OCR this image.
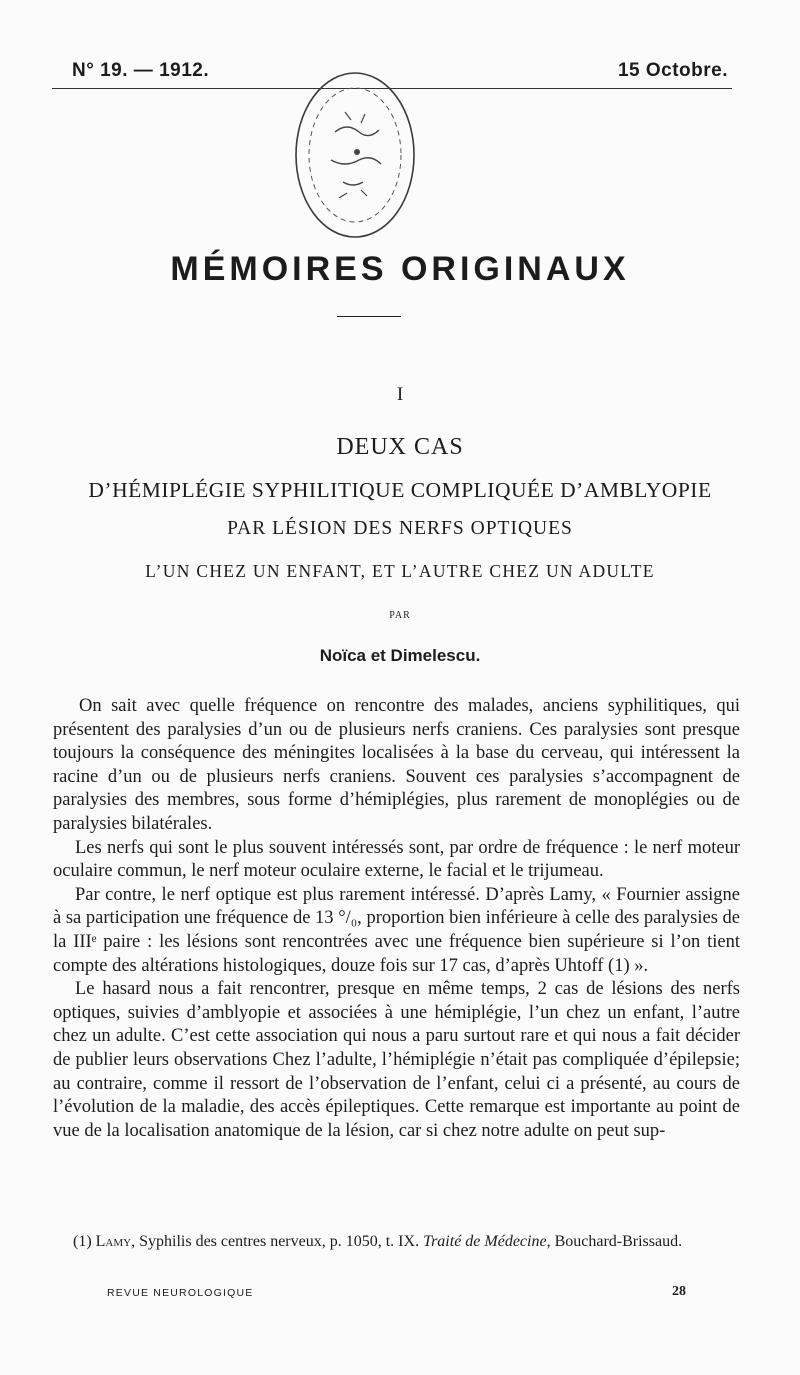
N° 19. — 1912.	15 Octobre.
MÉMOIRES ORIGINAUX
I
DEUX CAS
D’HÉMIPLÉGIE SYPHILITIQUE COMPLIQUÉE D’AMBLYOPIE
PAR LÉSION DES NERFS OPTIQUES
L’UN CHEZ UN ENFANT, ET L’AUTRE CHEZ UN ADULTE
PAR
Noïca et Dimelescu.

On sait avec quelle fréquence on rencontre des malades, anciens syphilitiques, qui présentent des paralysies d’un ou de plusieurs nerfs craniens. Ces paralysies sont presque toujours la conséquence des méningites localisées à la base du cerveau, qui intéressent la racine d’un ou de plusieurs nerfs craniens. Souvent ces paralysies s’accompagnent de paralysies des membres, sous forme d’hémiplégies, plus rarement de monoplégies ou de paralysies bilatérales.

Les nerfs qui sont le plus souvent intéressés sont, par ordre de fréquence : le nerf moteur oculaire commun, le nerf moteur oculaire externe, le facial et le trijumeau.

Par contre, le nerf optique est plus rarement intéressé. D’après Lamy, « Fournier assigne à sa participation une fréquence de 13 °/₀, proportion bien inférieure à celle des paralysies de la IIIᵉ paire : les lésions sont rencontrées avec une fréquence bien supérieure si l’on tient compte des altérations histologiques, douze fois sur 17 cas, d’après Uhtoff (1) ».

Le hasard nous a fait rencontrer, presque en même temps, 2 cas de lésions des nerfs optiques, suivies d’amblyopie et associées à une hémiplégie, l’un chez un enfant, l’autre chez un adulte. C’est cette association qui nous a paru surtout rare et qui nous a fait décider de publier leurs observations Chez l’adulte, l’hémiplégie n’était pas compliquée d’épilepsie; au contraire, comme il ressort de l’observation de l’enfant, celui ci a présenté, au cours de l’évolution de la maladie, des accès épileptiques. Cette remarque est importante au point de vue de la localisation anatomique de la lésion, car si chez notre adulte on peut sup-

(1) Lamy, Syphilis des centres nerveux, p. 1050, t. IX. Traité de Médecine, Bouchard-Brissaud.
REVUE NEUROLOGIQUE	28
